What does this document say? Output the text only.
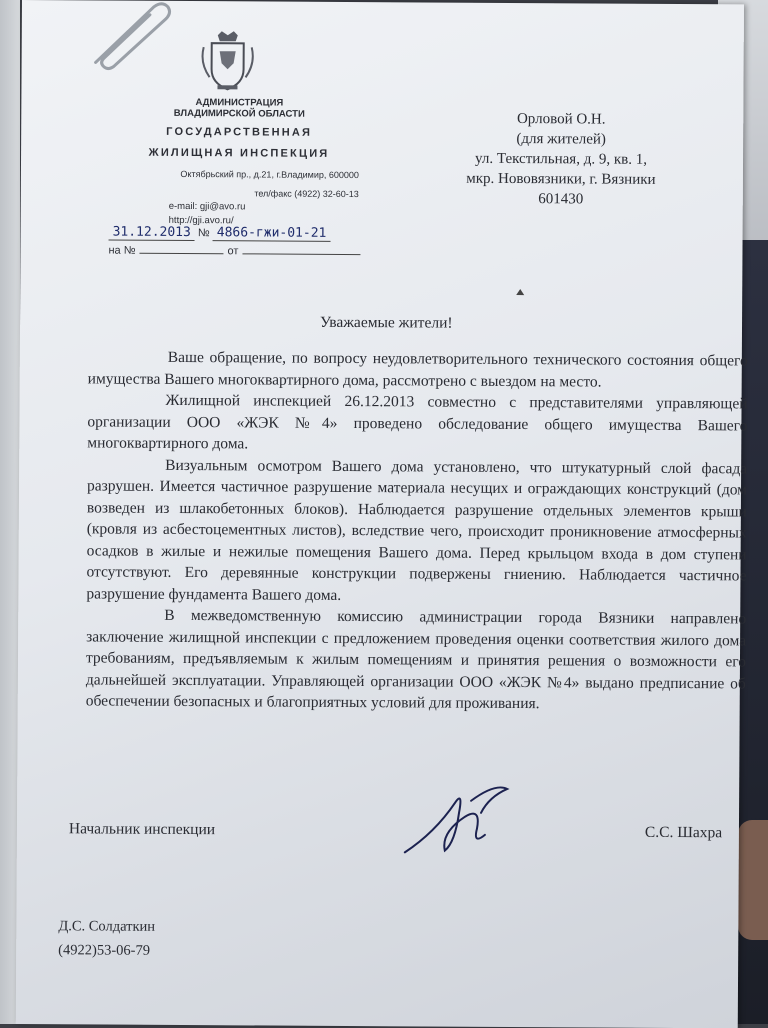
АДМИНИСТРАЦИЯ
ВЛАДИМИРСКОЙ ОБЛАСТИ
ГОСУДАРСТВЕННАЯ
ЖИЛИЩНАЯ ИНСПЕКЦИЯ
Октябрьский пр., д.21, г.Владимир, 600000
тел/факс (4922) 32-60-13
e-mail: gji@avo.ru
http://gji.avo.ru/
31.12.2013 № 4866-гжи-01-21
на №	от
Орловой О.Н.
(для жителей)
ул. Текстильная, д. 9, кв. 1,
мкр. Нововязники, г. Вязники
601430
Уважаемые жители!

Ваше обращение, по вопросу неудовлетворительного технического состояния общего имущества Вашего многоквартирного дома, рассмотрено с выездом на место.

Жилищной инспекцией 26.12.2013 совместно с представителями управляющей организации ООО «ЖЭК №4» проведено обследование общего имущества Вашего многоквартирного дома.

Визуальным осмотром Вашего дома установлено, что штукатурный слой фасада разрушен. Имеется частичное разрушение материала несущих и ограждающих конструкций (дом возведен из шлакобетонных блоков). Наблюдается разрушение отдельных элементов крыши (кровля из асбестоцементных листов), вследствие чего, происходит проникновение атмосферных осадков в жилые и нежилые помещения Вашего дома. Перед крыльцом входа в дом ступени отсутствуют. Его деревянные конструкции подвержены гниению. Наблюдается частичное разрушение фундамента Вашего дома.

В межведомственную комиссию администрации города Вязники направлено заключение жилищной инспекции с предложением проведения оценки соответствия жилого дома требованиям, предъявляемым к жилым помещениям и принятия решения о возможности его дальнейшей эксплуатации. Управляющей организации ООО «ЖЭК №4» выдано предписание об обеспечении безопасных и благоприятных условий для проживания.

Начальник инспекции	С.С. Шахра
Д.С. Солдаткин
(4922)53-06-79
